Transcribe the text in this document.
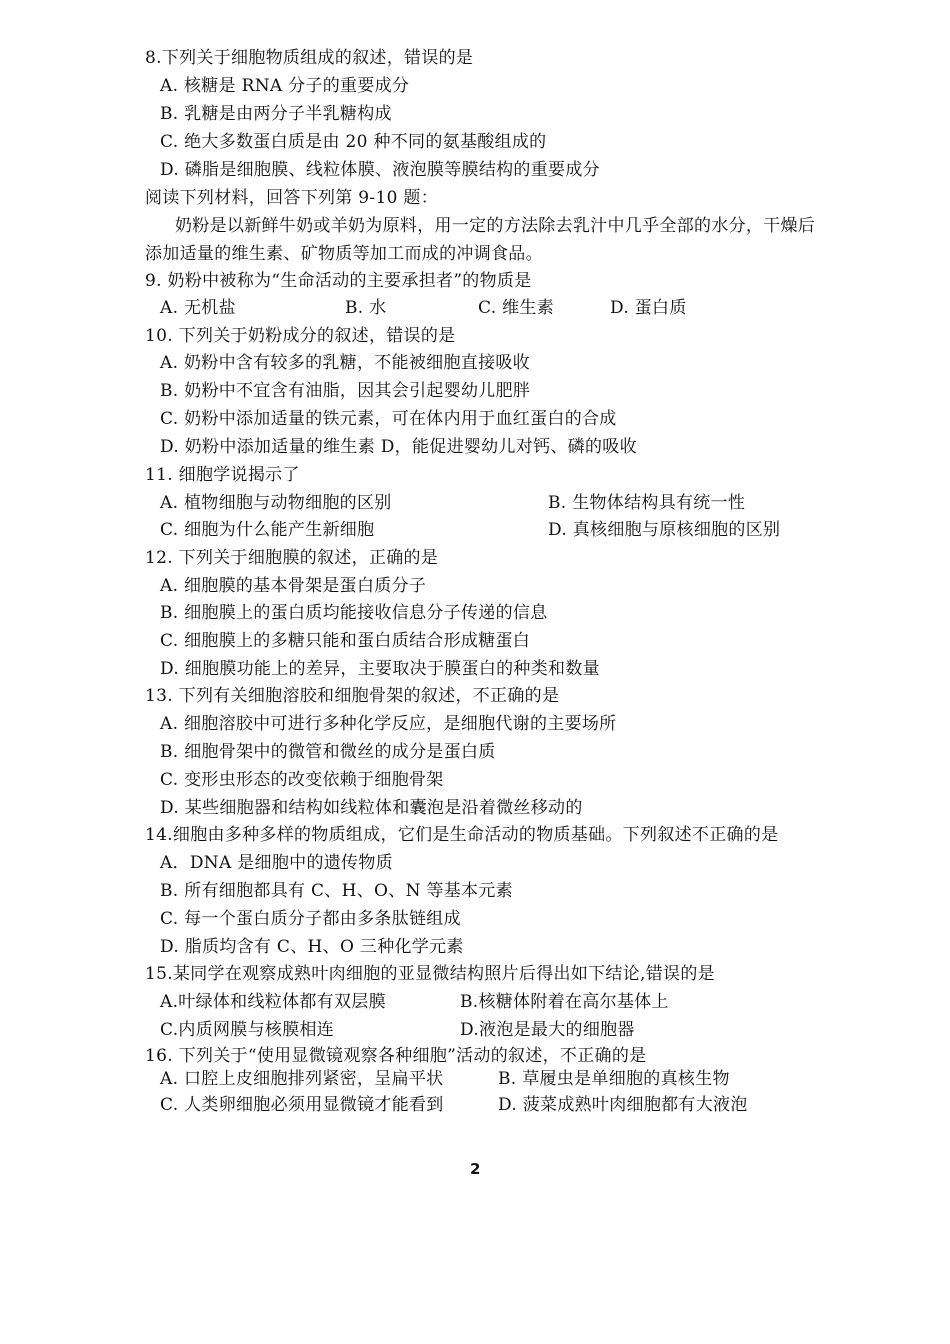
8.下列关于细胞物质组成的叙述，错误的是
A. 核糖是 RNA 分子的重要成分
B. 乳糖是由两分子半乳糖构成
C. 绝大多数蛋白质是由 20 种不同的氨基酸组成的
D. 磷脂是细胞膜、线粒体膜、液泡膜等膜结构的重要成分
阅读下列材料，回答下列第 9-10 题：
奶粉是以新鲜牛奶或羊奶为原料，用一定的方法除去乳汁中几乎全部的水分，干燥后
添加适量的维生素、矿物质等加工而成的冲调食品。
9. 奶粉中被称为“生命活动的主要承担者”的物质是
A. 无机盐	B. 水	C. 维生素	D. 蛋白质
10. 下列关于奶粉成分的叙述，错误的是
A. 奶粉中含有较多的乳糖，不能被细胞直接吸收
B. 奶粉中不宜含有油脂，因其会引起婴幼儿肥胖
C. 奶粉中添加适量的铁元素，可在体内用于血红蛋白的合成
D. 奶粉中添加适量的维生素 D，能促进婴幼儿对钙、磷的吸收
11. 细胞学说揭示了
A. 植物细胞与动物细胞的区别	B. 生物体结构具有统一性
C. 细胞为什么能产生新细胞	D. 真核细胞与原核细胞的区别
12. 下列关于细胞膜的叙述，正确的是
A. 细胞膜的基本骨架是蛋白质分子
B. 细胞膜上的蛋白质均能接收信息分子传递的信息
C. 细胞膜上的多糖只能和蛋白质结合形成糖蛋白
D. 细胞膜功能上的差异，主要取决于膜蛋白的种类和数量
13. 下列有关细胞溶胶和细胞骨架的叙述，不正确的是
A. 细胞溶胶中可进行多种化学反应，是细胞代谢的主要场所
B. 细胞骨架中的微管和微丝的成分是蛋白质
C. 变形虫形态的改变依赖于细胞骨架
D. 某些细胞器和结构如线粒体和囊泡是沿着微丝移动的
14.细胞由多种多样的物质组成，它们是生命活动的物质基础。下列叙述不正确的是
A．DNA 是细胞中的遗传物质
B. 所有细胞都具有 C、H、O、N 等基本元素
C. 每一个蛋白质分子都由多条肽链组成
D. 脂质均含有 C、H、O 三种化学元素
15.某同学在观察成熟叶肉细胞的亚显微结构照片后得出如下结论,错误的是
A.叶绿体和线粒体都有双层膜	B.核糖体附着在高尔基体上
C.内质网膜与核膜相连	D.液泡是最大的细胞器
16. 下列关于“使用显微镜观察各种细胞”活动的叙述，不正确的是
A. 口腔上皮细胞排列紧密，呈扁平状	B. 草履虫是单细胞的真核生物
C. 人类卵细胞必须用显微镜才能看到	D. 菠菜成熟叶肉细胞都有大液泡
2
